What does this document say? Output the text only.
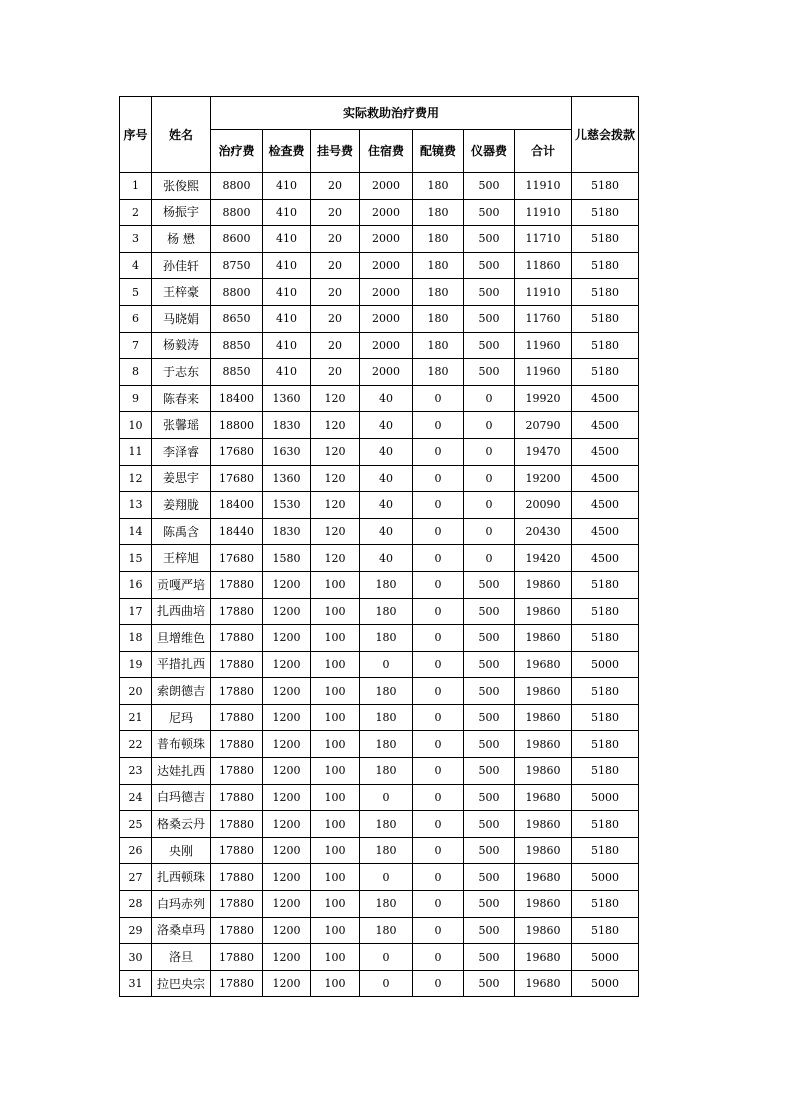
序号	姓名	实际救助治疗费用							儿慈会拨款
		治疗费	检查费	挂号费	住宿费	配镜费	仪器费	合计	
1	张俊熙	8800	410	20	2000	180	500	11910	5180
2	杨振宇	8800	410	20	2000	180	500	11910	5180
3	杨 懋	8600	410	20	2000	180	500	11710	5180
4	孙佳轩	8750	410	20	2000	180	500	11860	5180
5	王梓豪	8800	410	20	2000	180	500	11910	5180
6	马晓娟	8650	410	20	2000	180	500	11760	5180
7	杨毅涛	8850	410	20	2000	180	500	11960	5180
8	于志东	8850	410	20	2000	180	500	11960	5180
9	陈春来	18400	1360	120	40	0	0	19920	4500
10	张馨瑶	18800	1830	120	40	0	0	20790	4500
11	李泽睿	17680	1630	120	40	0	0	19470	4500
12	姜思宇	17680	1360	120	40	0	0	19200	4500
13	姜翔胧	18400	1530	120	40	0	0	20090	4500
14	陈禹含	18440	1830	120	40	0	0	20430	4500
15	王梓旭	17680	1580	120	40	0	0	19420	4500
16	贡嘎严培	17880	1200	100	180	0	500	19860	5180
17	扎西曲培	17880	1200	100	180	0	500	19860	5180
18	旦增维色	17880	1200	100	180	0	500	19860	5180
19	平措扎西	17880	1200	100	0	0	500	19680	5000
20	索朗德吉	17880	1200	100	180	0	500	19860	5180
21	尼玛	17880	1200	100	180	0	500	19860	5180
22	普布顿珠	17880	1200	100	180	0	500	19860	5180
23	达娃扎西	17880	1200	100	180	0	500	19860	5180
24	白玛德吉	17880	1200	100	0	0	500	19680	5000
25	格桑云丹	17880	1200	100	180	0	500	19860	5180
26	央刚	17880	1200	100	180	0	500	19860	5180
27	扎西顿珠	17880	1200	100	0	0	500	19680	5000
28	白玛赤列	17880	1200	100	180	0	500	19860	5180
29	洛桑卓玛	17880	1200	100	180	0	500	19860	5180
30	洛旦	17880	1200	100	0	0	500	19680	5000
31	拉巴央宗	17880	1200	100	0	0	500	19680	5000
